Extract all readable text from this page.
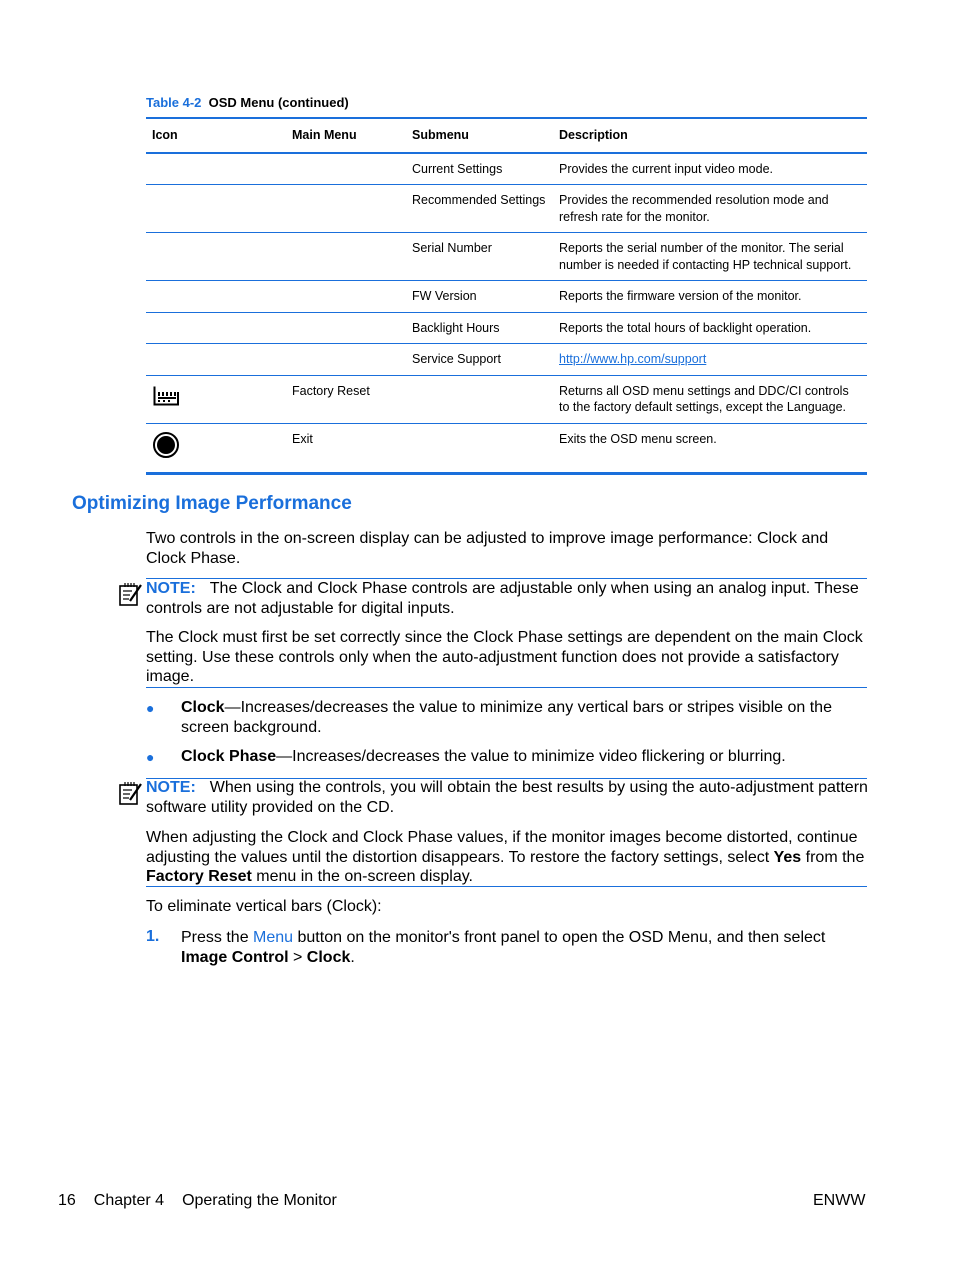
Table 4-2 OSD Menu (continued)
Icon	Main Menu	Submenu	Description
		Current Settings	Provides the current input video mode.
		Recommended Settings	Provides the recommended resolution mode and refresh rate for the monitor.
		Serial Number	Reports the serial number of the monitor. The serial number is needed if contacting HP technical support.
		FW Version	Reports the firmware version of the monitor.
		Backlight Hours	Reports the total hours of backlight operation.
		Service Support	http://www.hp.com/support
	Factory Reset		Returns all OSD menu settings and DDC/CI controls to the factory default settings, except the Language.
	Exit		Exits the OSD menu screen.
Optimizing Image Performance
Two controls in the on-screen display can be adjusted to improve image performance: Clock and Clock Phase.
NOTE: The Clock and Clock Phase controls are adjustable only when using an analog input. These controls are not adjustable for digital inputs.
The Clock must first be set correctly since the Clock Phase settings are dependent on the main Clock setting. Use these controls only when the auto-adjustment function does not provide a satisfactory image.
● Clock—Increases/decreases the value to minimize any vertical bars or stripes visible on the screen background.
● Clock Phase—Increases/decreases the value to minimize video flickering or blurring.
NOTE: When using the controls, you will obtain the best results by using the auto-adjustment pattern software utility provided on the CD.
When adjusting the Clock and Clock Phase values, if the monitor images become distorted, continue adjusting the values until the distortion disappears. To restore the factory settings, select Yes from the Factory Reset menu in the on-screen display.
To eliminate vertical bars (Clock):
1. Press the Menu button on the monitor's front panel to open the OSD Menu, and then select Image Control > Clock.
16 Chapter 4 Operating the Monitor	ENWW
